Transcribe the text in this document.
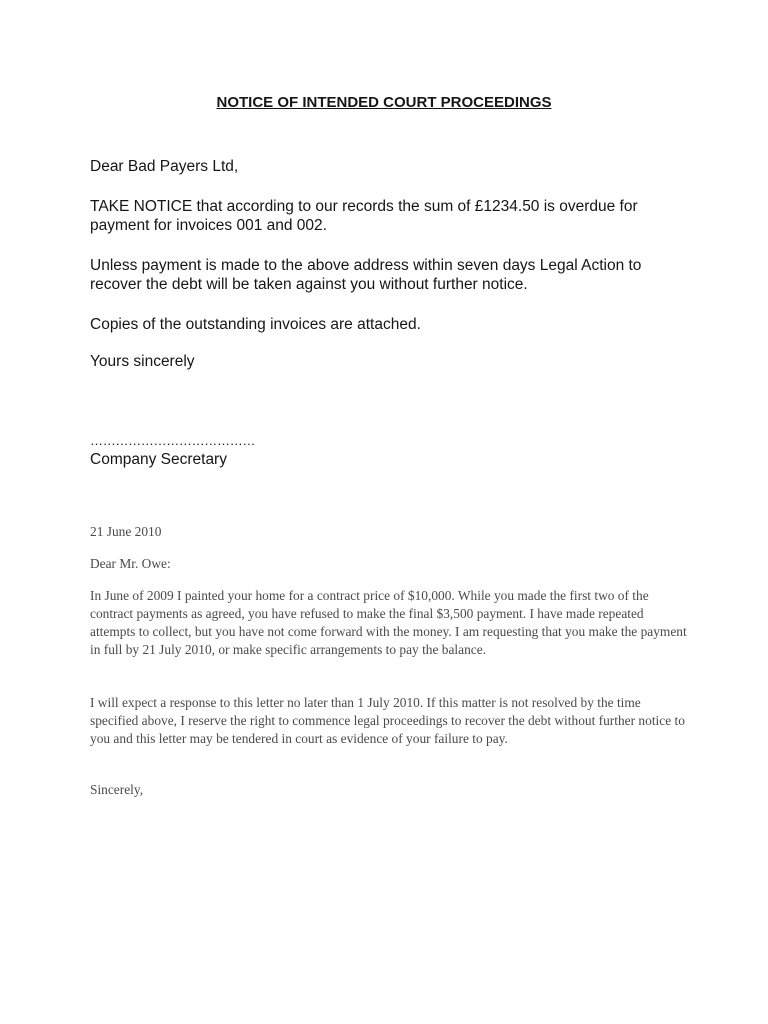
NOTICE OF INTENDED COURT PROCEEDINGS

Dear Bad Payers Ltd,

TAKE NOTICE that according to our records the sum of £1234.50 is overdue for payment for invoices 001 and 002.

Unless payment is made to the above address within seven days Legal Action to recover the debt will be taken against you without further notice.

Copies of the outstanding invoices are attached.

Yours sincerely

…………………………………

Company Secretary

21 June 2010

Dear Mr. Owe:

In June of 2009 I painted your home for a contract price of $10,000. While you made the first two of the contract payments as agreed, you have refused to make the final $3,500 payment. I have made repeated attempts to collect, but you have not come forward with the money. I am requesting that you make the payment in full by 21 July 2010, or make specific arrangements to pay the balance.

I will expect a response to this letter no later than 1 July 2010. If this matter is not resolved by the time specified above, I reserve the right to commence legal proceedings to recover the debt without further notice to you and this letter may be tendered in court as evidence of your failure to pay.

Sincerely,
